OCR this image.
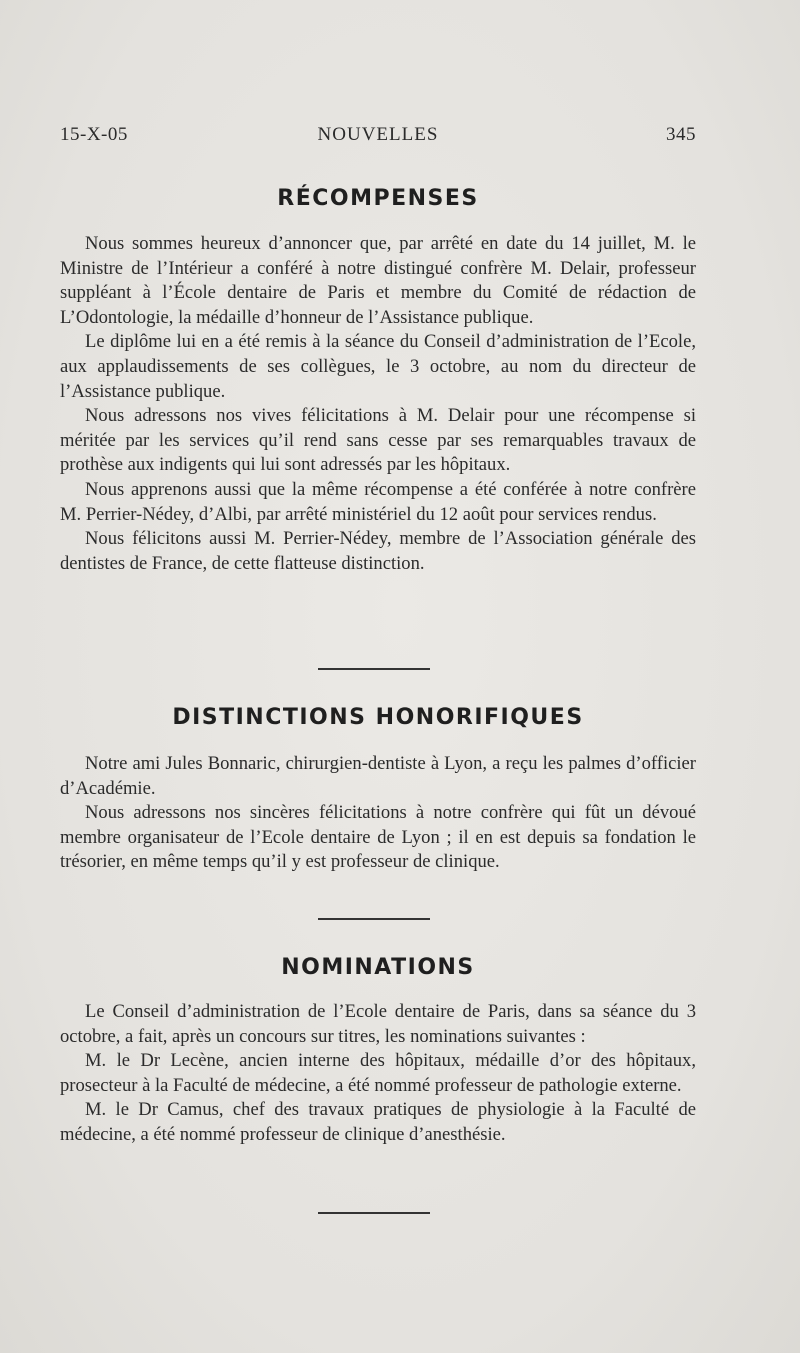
15-X-05	NOUVELLES	345
RÉCOMPENSES

Nous sommes heureux d’annoncer que, par arrêté en date du 14 juillet, M. le Ministre de l’Intérieur a conféré à notre distingué confrère M. Delair, professeur suppléant à l’École dentaire de Paris et membre du Comité de rédaction de L’Odontologie, la médaille d’honneur de l’Assistance publique.

Le diplôme lui en a été remis à la séance du Conseil d’administration de l’Ecole, aux applaudissements de ses collègues, le 3 octobre, au nom du directeur de l’Assistance publique.

Nous adressons nos vives félicitations à M. Delair pour une récompense si méritée par les services qu’il rend sans cesse par ses remarquables travaux de prothèse aux indigents qui lui sont adressés par les hôpitaux.

Nous apprenons aussi que la même récompense a été conférée à notre confrère M. Perrier-Nédey, d’Albi, par arrêté ministériel du 12 août pour services rendus.

Nous félicitons aussi M. Perrier-Nédey, membre de l’Association générale des dentistes de France, de cette flatteuse distinction.

DISTINCTIONS HONORIFIQUES

Notre ami Jules Bonnaric, chirurgien-dentiste à Lyon, a reçu les palmes d’officier d’Académie.

Nous adressons nos sincères félicitations à notre confrère qui fût un dévoué membre organisateur de l’Ecole dentaire de Lyon ; il en est depuis sa fondation le trésorier, en même temps qu’il y est professeur de clinique.

NOMINATIONS

Le Conseil d’administration de l’Ecole dentaire de Paris, dans sa séance du 3 octobre, a fait, après un concours sur titres, les nominations suivantes :

M. le Dr Lecène, ancien interne des hôpitaux, médaille d’or des hôpitaux, prosecteur à la Faculté de médecine, a été nommé professeur de pathologie externe.

M. le Dr Camus, chef des travaux pratiques de physiologie à la Faculté de médecine, a été nommé professeur de clinique d’anesthésie.
